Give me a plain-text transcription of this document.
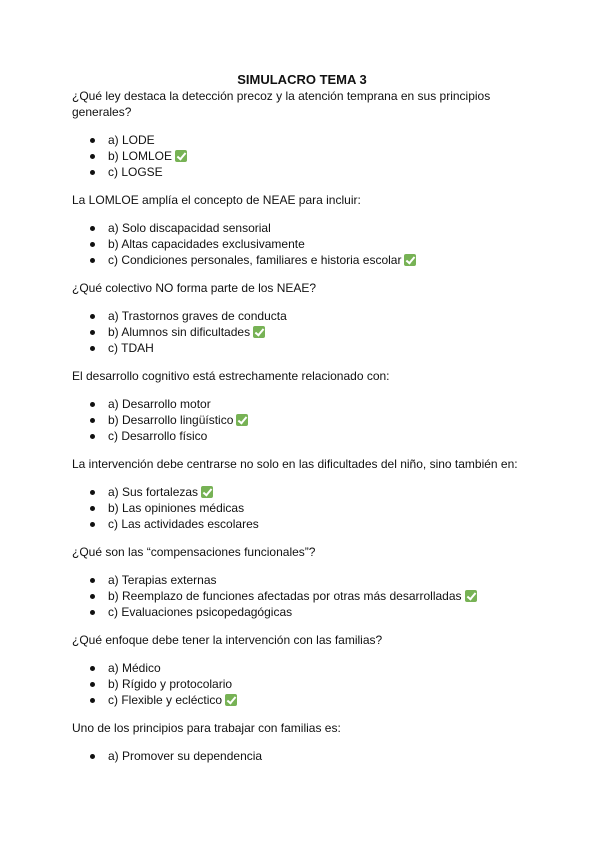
SIMULACRO TEMA 3
¿Qué ley destaca la detección precoz y la atención temprana en sus principios generales?
a) LODE
b) LOMLOE
c) LOGSE
La LOMLOE amplía el concepto de NEAE para incluir:
a) Solo discapacidad sensorial
b) Altas capacidades exclusivamente
c) Condiciones personales, familiares e historia escolar
¿Qué colectivo NO forma parte de los NEAE?
a) Trastornos graves de conducta
b) Alumnos sin dificultades
c) TDAH
El desarrollo cognitivo está estrechamente relacionado con:
a) Desarrollo motor
b) Desarrollo lingüístico
c) Desarrollo físico
La intervención debe centrarse no solo en las dificultades del niño, sino también en:
a) Sus fortalezas
b) Las opiniones médicas
c) Las actividades escolares
¿Qué son las “compensaciones funcionales”?
a) Terapias externas
b) Reemplazo de funciones afectadas por otras más desarrolladas
c) Evaluaciones psicopedagógicas
¿Qué enfoque debe tener la intervención con las familias?
a) Médico
b) Rígido y protocolario
c) Flexible y ecléctico
Uno de los principios para trabajar con familias es:
a) Promover su dependencia
